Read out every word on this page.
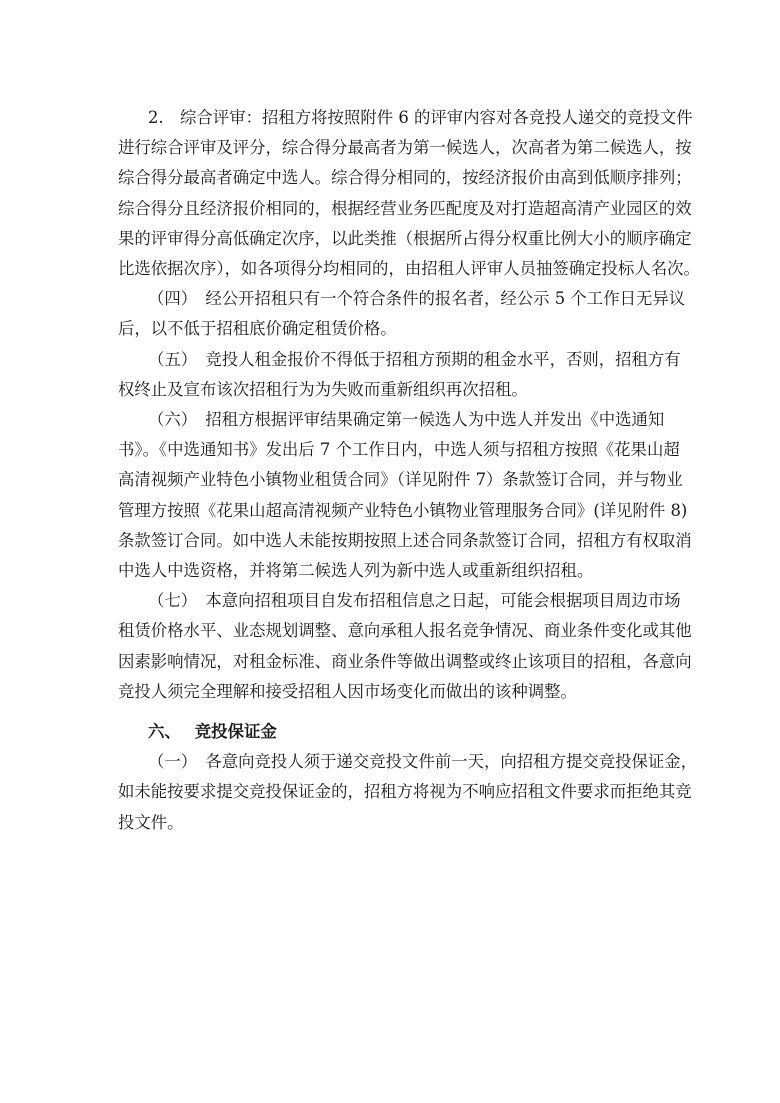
2.　综合评审：招租方将按照附件 6 的评审内容对各竞投人递交的竞投文件
进行综合评审及评分，综合得分最高者为第一候选人，次高者为第二候选人，按
综合得分最高者确定中选人。综合得分相同的，按经济报价由高到低顺序排列；
综合得分且经济报价相同的，根据经营业务匹配度及对打造超高清产业园区的效
果的评审得分高低确定次序，以此类推（根据所占得分权重比例大小的顺序确定
比选依据次序），如各项得分均相同的，由招租人评审人员抽签确定投标人名次。

（四）　经公开招租只有一个符合条件的报名者，经公示 5 个工作日无异议
后，以不低于招租底价确定租赁价格。

（五）　竞投人租金报价不得低于招租方预期的租金水平，否则，招租方有
权终止及宣布该次招租行为为失败而重新组织再次招租。

（六）　招租方根据评审结果确定第一候选人为中选人并发出《中选通知
书》。《中选通知书》发出后 7 个工作日内，中选人须与招租方按照《花果山超
高清视频产业特色小镇物业租赁合同》（详见附件 7）条款签订合同，并与物业
管理方按照《花果山超高清视频产业特色小镇物业管理服务合同》(详见附件 8)
条款签订合同。如中选人未能按期按照上述合同条款签订合同，招租方有权取消
中选人中选资格，并将第二候选人列为新中选人或重新组织招租。

（七）　本意向招租项目自发布招租信息之日起，可能会根据项目周边市场
租赁价格水平、业态规划调整、意向承租人报名竞争情况、商业条件变化或其他
因素影响情况，对租金标准、商业条件等做出调整或终止该项目的招租，各意向
竞投人须完全理解和接受招租人因市场变化而做出的该种调整。

六、 竞投保证金

（一）　各意向竞投人须于递交竞投文件前一天，向招租方提交竞投保证金，
如未能按要求提交竞投保证金的，招租方将视为不响应招租文件要求而拒绝其竞
投文件。
